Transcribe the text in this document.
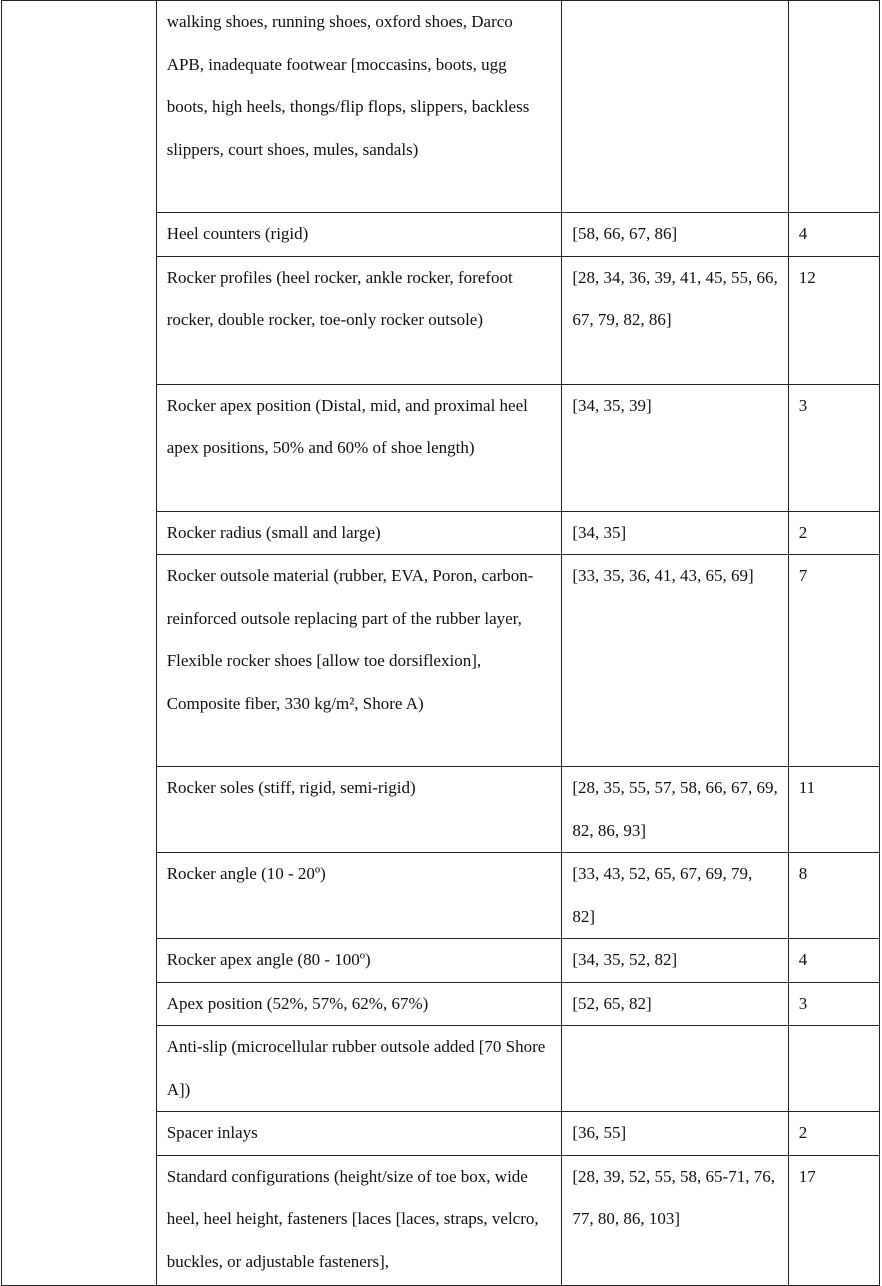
	walking shoes, running shoes, oxford shoes, Darco APB, inadequate footwear [moccasins, boots, ugg boots, high heels, thongs/flip flops, slippers, backless slippers, court shoes, mules, sandals)		
	Heel counters (rigid)	[58, 66, 67, 86]	4
	Rocker profiles (heel rocker, ankle rocker, forefoot rocker, double rocker, toe-only rocker outsole)	[28, 34, 36, 39, 41, 45, 55, 66, 67, 79, 82, 86]	12
	Rocker apex position (Distal, mid, and proximal heel apex positions, 50% and 60% of shoe length)	[34, 35, 39]	3
	Rocker radius (small and large)	[34, 35]	2
	Rocker outsole material (rubber, EVA, Poron, carbon-reinforced outsole replacing part of the rubber layer, Flexible rocker shoes [allow toe dorsiflexion], Composite fiber, 330 kg/m², Shore A)	[33, 35, 36, 41, 43, 65, 69]	7
	Rocker soles (stiff, rigid, semi-rigid)	[28, 35, 55, 57, 58, 66, 67, 69, 82, 86, 93]	11
	Rocker angle (10 - 20º)	[33, 43, 52, 65, 67, 69, 79, 82]	8
	Rocker apex angle (80 - 100º)	[34, 35, 52, 82]	4
	Apex position (52%, 57%, 62%, 67%)	[52, 65, 82]	3
	Anti-slip (microcellular rubber outsole added [70 Shore A])		
	Spacer inlays	[36, 55]	2
	Standard configurations (height/size of toe box, wide heel, heel height, fasteners [laces [laces, straps, velcro, buckles, or adjustable fasteners],	[28, 39, 52, 55, 58, 65-71, 76, 77, 80, 86, 103]	17
